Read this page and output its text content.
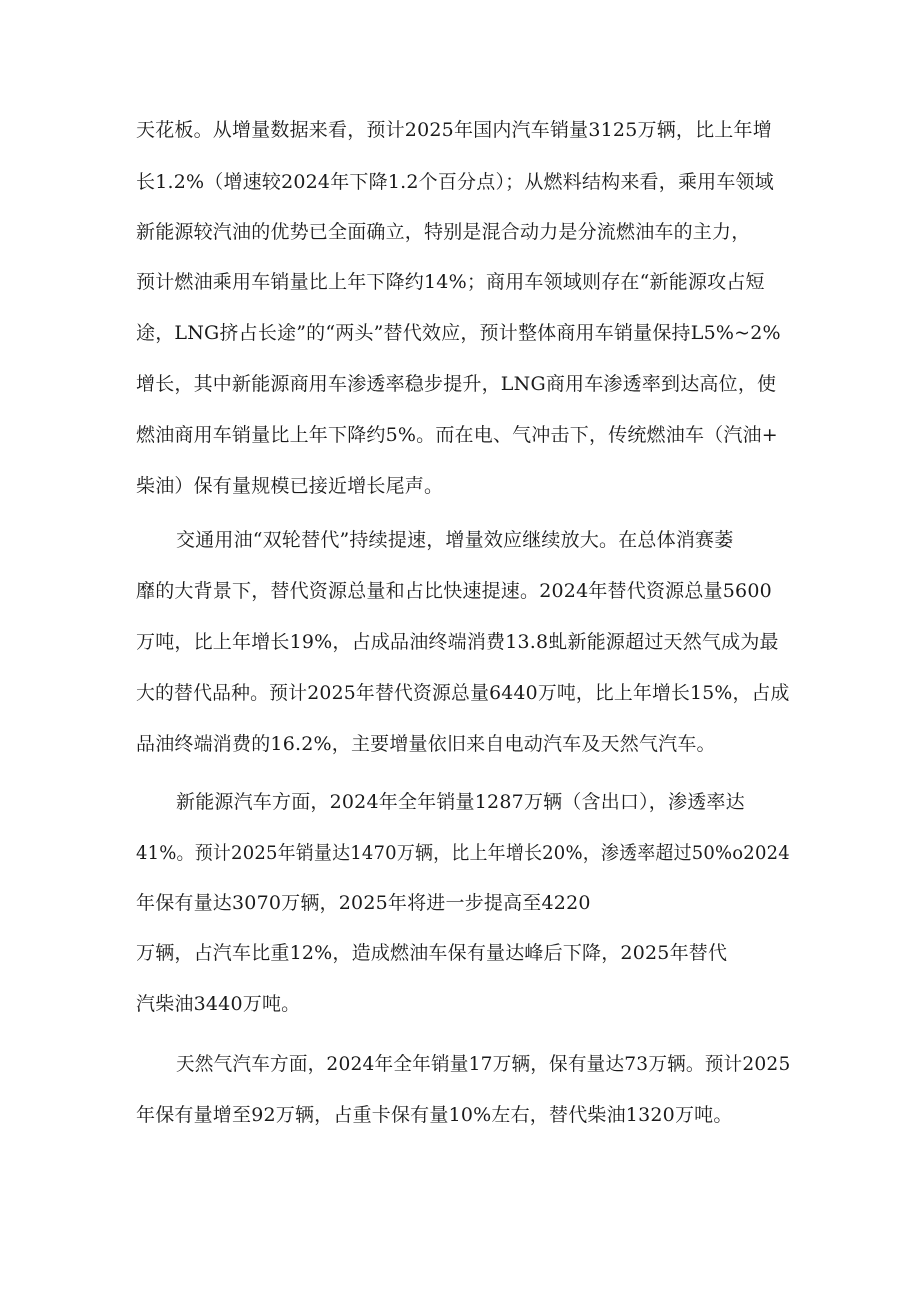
天花板。从增量数据来看，预计2025年国内汽车销量3125万辆，比上年增
长1.2%（增速较2024年下降1.2个百分点）；从燃料结构来看，乘用车领域
新能源较汽油的优势已全面确立，特别是混合动力是分流燃油车的主力，
预计燃油乘用车销量比上年下降约14%；商用车领域则存在“新能源攻占短
途，LNG挤占长途”的“两头”替代效应，预计整体商用车销量保持L5%~2%
增长，其中新能源商用车渗透率稳步提升，LNG商用车渗透率到达高位，使
燃油商用车销量比上年下降约5%。而在电、气冲击下，传统燃油车（汽油+
柴油）保有量规模已接近增长尾声。
交通用油“双轮替代”持续提速，增量效应继续放大。在总体消赛萎
靡的大背景下，替代资源总量和占比快速提速。2024年替代资源总量5600
万吨，比上年增长19%，占成品油终端消费13.8虬新能源超过天然气成为最
大的替代品种。预计2025年替代资源总量6440万吨，比上年增长15%，占成
品油终端消费的16.2%，主要增量依旧来自电动汽车及天然气汽车。
新能源汽车方面，2024年全年销量1287万辆（含出口），渗透率达
41%。预计2025年销量达1470万辆，比上年增长20%，渗透率超过50%o2024
年保有量达3070万辆，2025年将进一步提高至4220
万辆，占汽车比重12%，造成燃油车保有量达峰后下降，2025年替代
汽柴油3440万吨。
天然气汽车方面，2024年全年销量17万辆，保有量达73万辆。预计2025
年保有量增至92万辆，占重卡保有量10%左右，替代柴油1320万吨。
